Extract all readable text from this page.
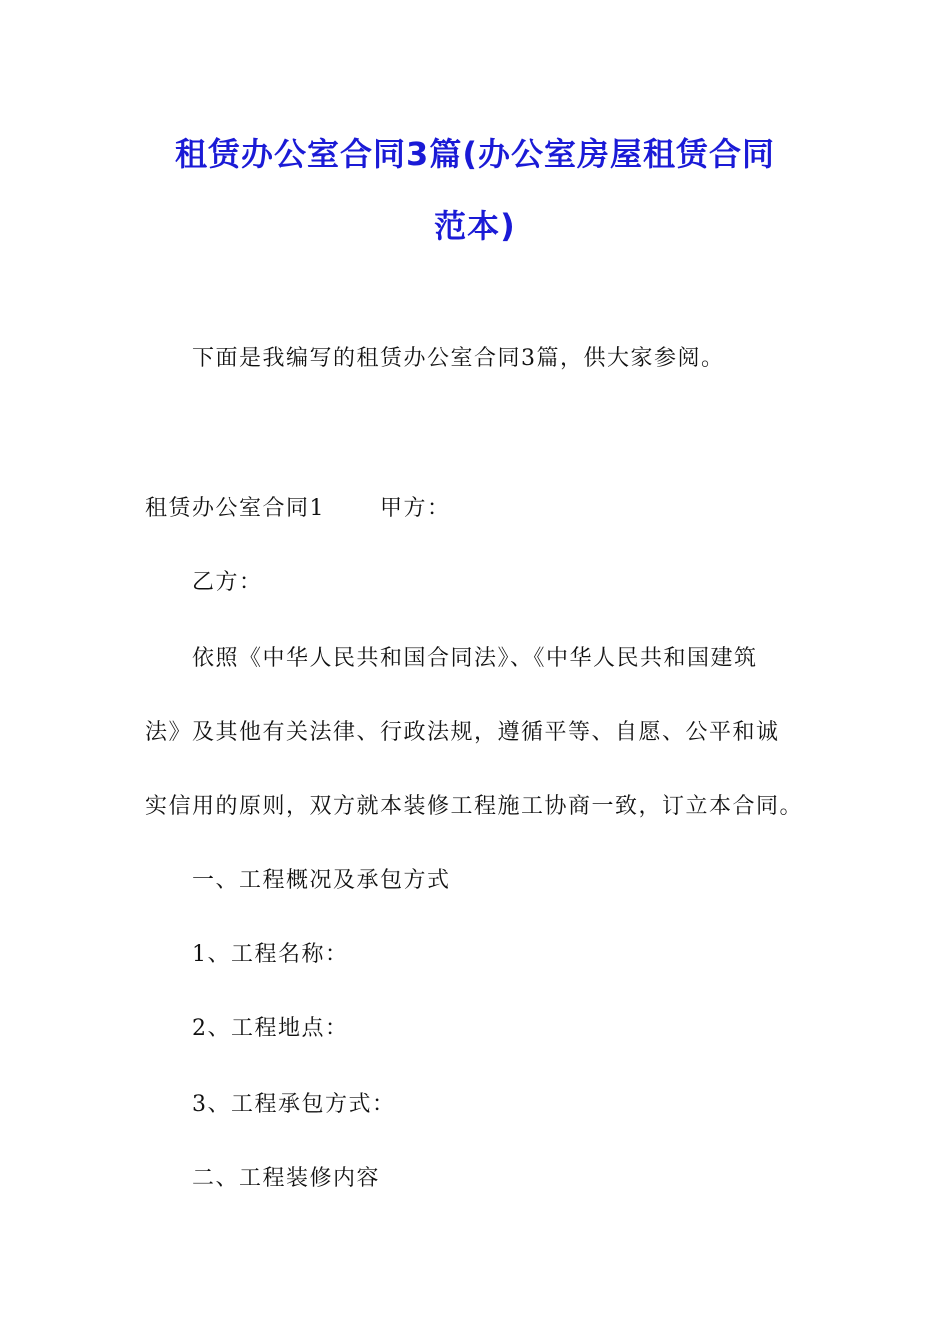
租赁办公室合同3篇(办公室房屋租赁合同
范本)
下面是我编写的租赁办公室合同3篇，供大家参阅。
租赁办公室合同1	甲方：
乙方：
依照《中华人民共和国合同法》、《中华人民共和国建筑
法》及其他有关法律、行政法规，遵循平等、自愿、公平和诚
实信用的原则，双方就本装修工程施工协商一致，订立本合同。
一、工程概况及承包方式
1、工程名称：
2、工程地点：
3、工程承包方式：
二、工程装修内容
